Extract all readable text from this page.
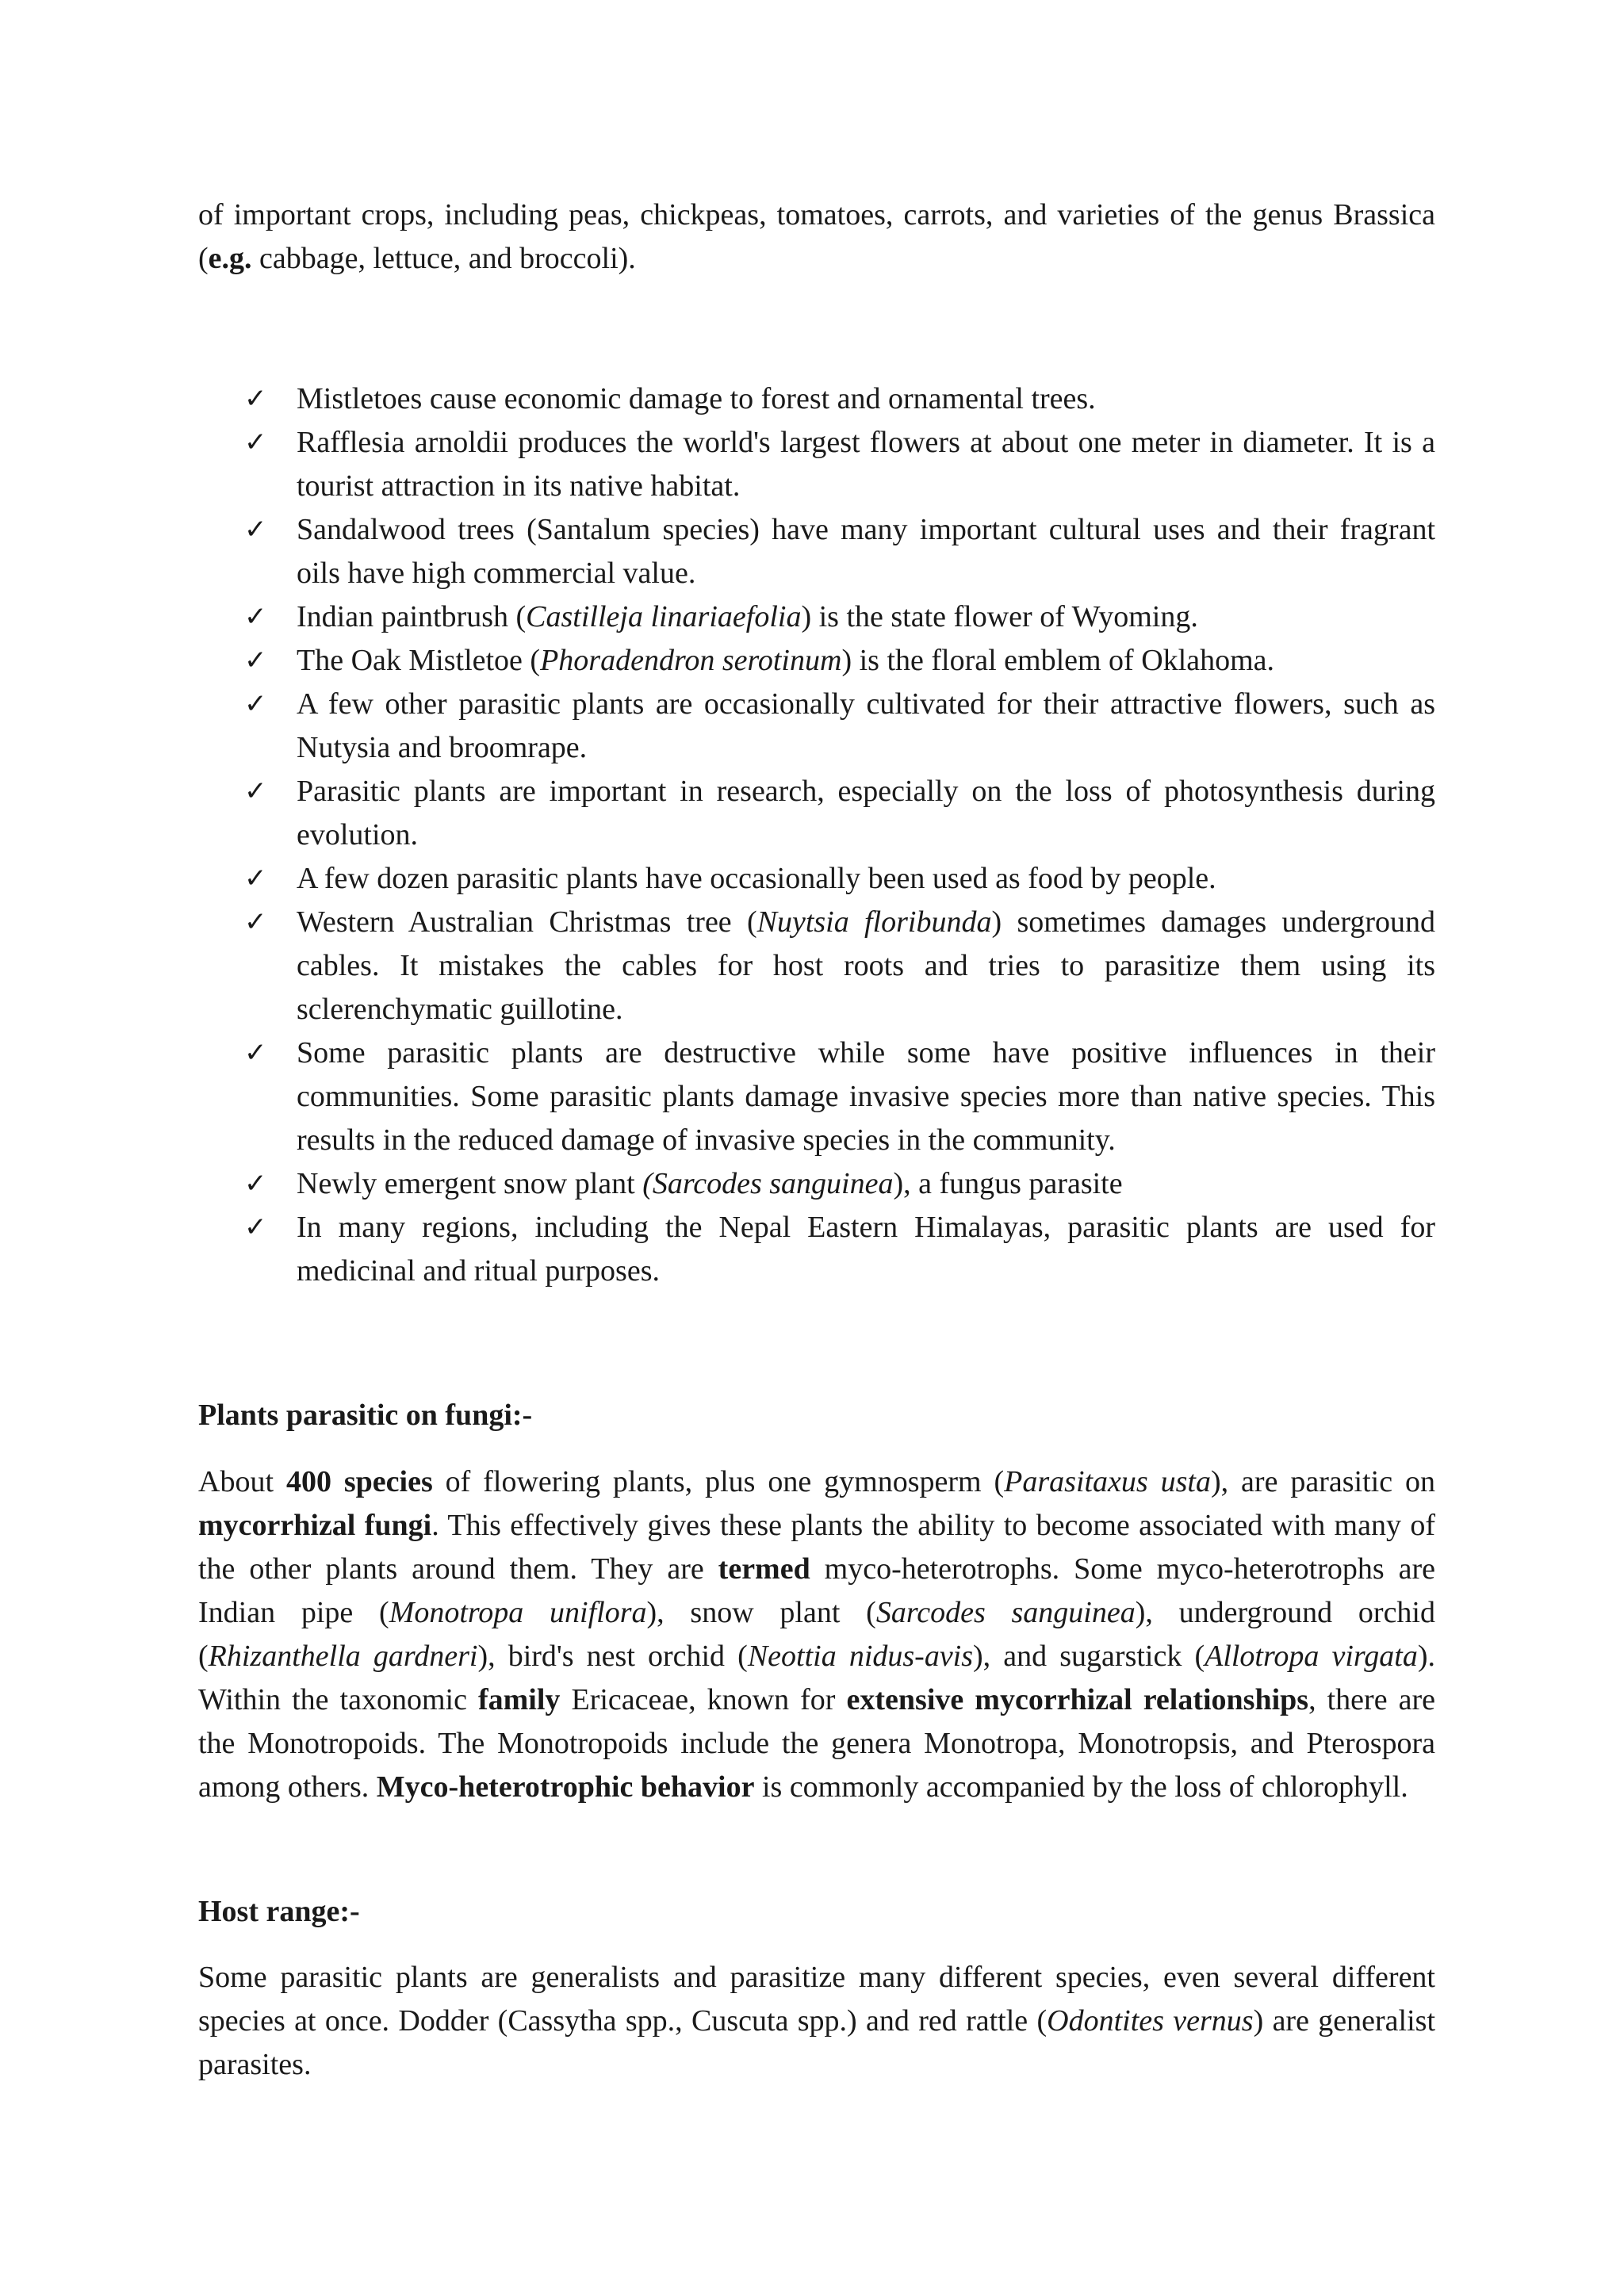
of important crops, including peas, chickpeas, tomatoes, carrots, and varieties of the genus Brassica (e.g. cabbage, lettuce, and broccoli).

✓ Mistletoes cause economic damage to forest and ornamental trees.
✓ Rafflesia arnoldii produces the world's largest flowers at about one meter in diameter. It is a tourist attraction in its native habitat.
✓ Sandalwood trees (Santalum species) have many important cultural uses and their fragrant oils have high commercial value.
✓ Indian paintbrush (Castilleja linariaefolia) is the state flower of Wyoming.
✓ The Oak Mistletoe (Phoradendron serotinum) is the floral emblem of Oklahoma.
✓ A few other parasitic plants are occasionally cultivated for their attractive flowers, such as Nutysia and broomrape.
✓ Parasitic plants are important in research, especially on the loss of photosynthesis during evolution.
✓ A few dozen parasitic plants have occasionally been used as food by people.
✓ Western Australian Christmas tree (Nuytsia floribunda) sometimes damages underground cables. It mistakes the cables for host roots and tries to parasitize them using its sclerenchymatic guillotine.
✓ Some parasitic plants are destructive while some have positive influences in their communities. Some parasitic plants damage invasive species more than native species. This results in the reduced damage of invasive species in the community.
✓ Newly emergent snow plant (Sarcodes sanguinea), a fungus parasite
✓ In many regions, including the Nepal Eastern Himalayas, parasitic plants are used for medicinal and ritual purposes.
Plants parasitic on fungi:-

About 400 species of flowering plants, plus one gymnosperm (Parasitaxus usta), are parasitic on mycorrhizal fungi. This effectively gives these plants the ability to become associated with many of the other plants around them. They are termed myco-heterotrophs. Some myco-heterotrophs are Indian pipe (Monotropa uniflora), snow plant (Sarcodes sanguinea), underground orchid (Rhizanthella gardneri), bird's nest orchid (Neottia nidus-avis), and sugarstick (Allotropa virgata). Within the taxonomic family Ericaceae, known for extensive mycorrhizal relationships, there are the Monotropoids. The Monotropoids include the genera Monotropa, Monotropsis, and Pterospora among others. Myco-heterotrophic behavior is commonly accompanied by the loss of chlorophyll.

Host range:-

Some parasitic plants are generalists and parasitize many different species, even several different species at once. Dodder (Cassytha spp., Cuscuta spp.) and red rattle (Odontites vernus) are generalist parasites.
